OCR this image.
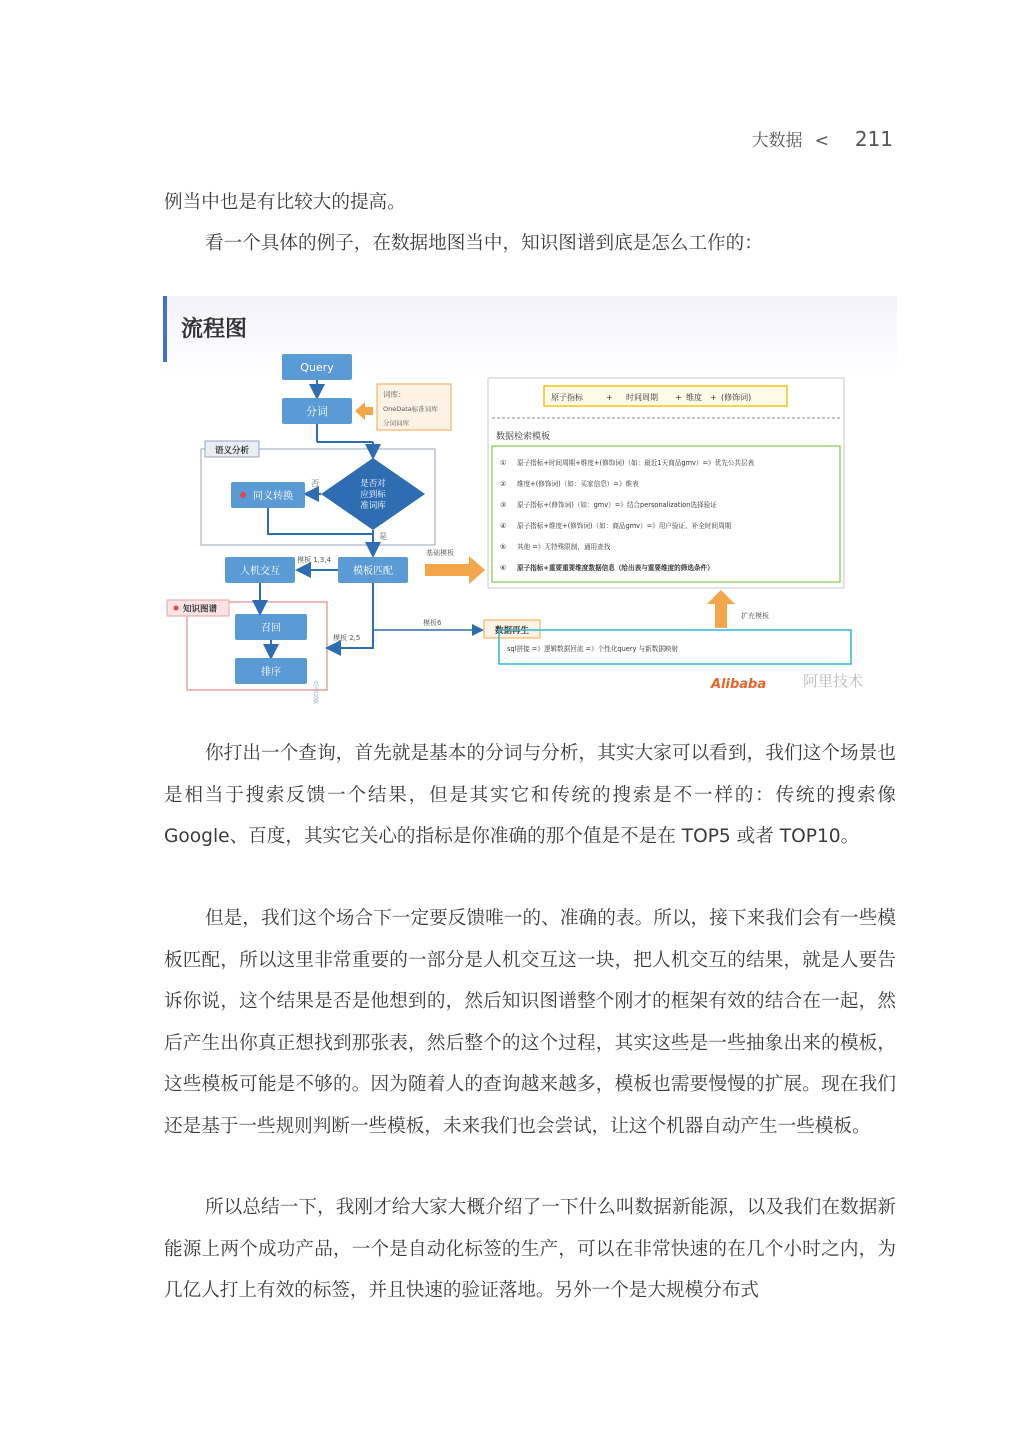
大数据 < 211

例当中也是有比较大的提高。

看一个具体的例子，在数据地图当中，知识图谱到底是怎么工作的：

流程图
Query
分词
词库：
OneData标准词库
分词词库
语义分析
是否对
应到标
准词库
否
同义转换
是
模板匹配
人机交互
模板 1,3,4
基础模板
知识图谱
召回
排序
点击反馈·个
模板 2,5
模板6
原子指标	+ 时间周期 + 维度 + (修饰词)
数据检索模板
① 原子指标+时间周期+维度+(修饰词)（如：最近1天商品gmv）=》优先公共层表
② 维度+(修饰词)（如：买家信息）=》维表
③ 原子指标+(修饰词)（如：gmv）=》结合personalization选择验证
④ 原子指标+维度+(修饰词)（如：商品gmv）=》用户验证、补全时间周期
⑤ 其他 =》无特殊限制，通用查找
⑥ 原子指标+重要重要维度数据信息（给出表与重要维度的筛选条件）
扩充模板
数据再生
sql拼接 =》逻辑数据回流 =》个性化query 与新数据映射
Alibaba 阿里技术

你打出一个查询，首先就是基本的分词与分析，其实大家可以看到，我们这个场景也是相当于搜索反馈一个结果，但是其实它和传统的搜索是不一样的：传统的搜索像 Google、百度，其实它关心的指标是你准确的那个值是不是在 TOP5 或者 TOP10。

但是，我们这个场合下一定要反馈唯一的、准确的表。所以，接下来我们会有一些模板匹配，所以这里非常重要的一部分是人机交互这一块，把人机交互的结果，就是人要告诉你说，这个结果是否是他想到的，然后知识图谱整个刚才的框架有效的结合在一起，然后产生出你真正想找到那张表，然后整个的这个过程，其实这些是一些抽象出来的模板，这些模板可能是不够的。因为随着人的查询越来越多，模板也需要慢慢的扩展。现在我们还是基于一些规则判断一些模板，未来我们也会尝试，让这个机器自动产生一些模板。

所以总结一下，我刚才给大家大概介绍了一下什么叫数据新能源，以及我们在数据新能源上两个成功产品，一个是自动化标签的生产，可以在非常快速的在几个小时之内，为几亿人打上有效的标签，并且快速的验证落地。另外一个是大规模分布式
